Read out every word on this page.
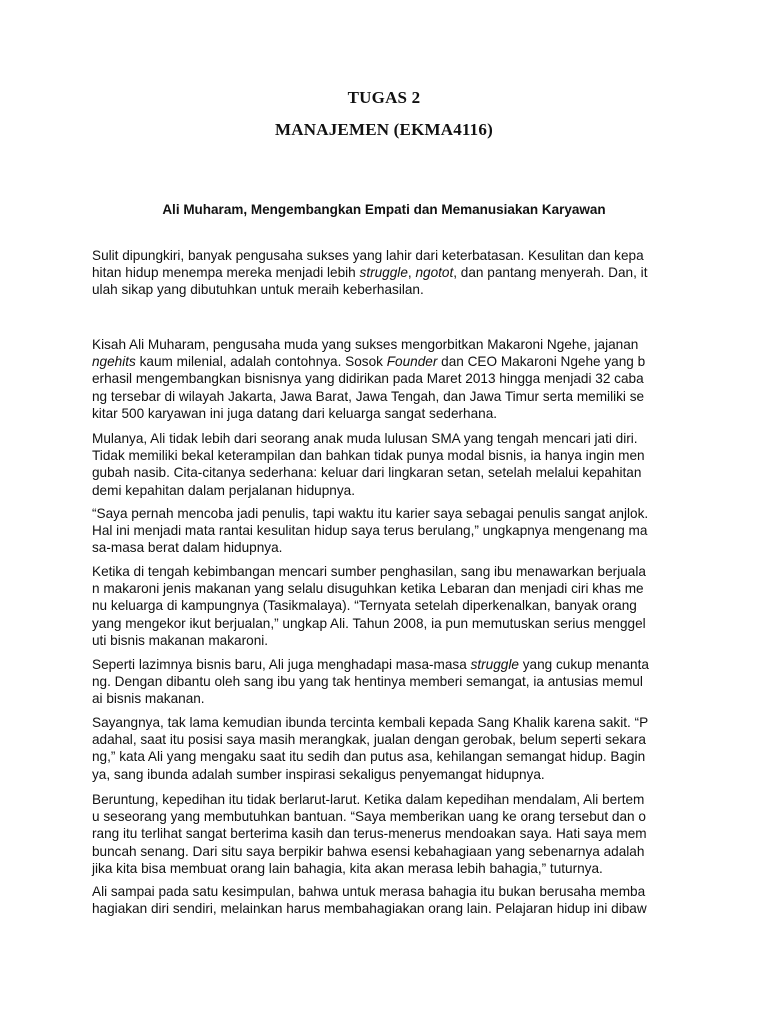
TUGAS 2
MANAJEMEN (EKMA4116)
Ali Muharam, Mengembangkan Empati dan Memanusiakan Karyawan

Sulit dipungkiri, banyak pengusaha sukses yang lahir dari keterbatasan. Kesulitan dan kepa
hitan hidup menempa mereka menjadi lebih struggle, ngotot, dan pantang menyerah. Dan, it
ulah sikap yang dibutuhkan untuk meraih keberhasilan.

Kisah Ali Muharam, pengusaha muda yang sukses mengorbitkan Makaroni Ngehe, jajanan
ngehits kaum milenial, adalah contohnya. Sosok Founder dan CEO Makaroni Ngehe yang b
erhasil mengembangkan bisnisnya yang didirikan pada Maret 2013 hingga menjadi 32 caba
ng tersebar di wilayah Jakarta, Jawa Barat, Jawa Tengah, dan Jawa Timur serta memiliki se
kitar 500 karyawan ini juga datang dari keluarga sangat sederhana.

Mulanya, Ali tidak lebih dari seorang anak muda lulusan SMA yang tengah mencari jati diri.
Tidak memiliki bekal keterampilan dan bahkan tidak punya modal bisnis, ia hanya ingin men
gubah nasib. Cita-citanya sederhana: keluar dari lingkaran setan, setelah melalui kepahitan
demi kepahitan dalam perjalanan hidupnya.

“Saya pernah mencoba jadi penulis, tapi waktu itu karier saya sebagai penulis sangat anjlok.
Hal ini menjadi mata rantai kesulitan hidup saya terus berulang,” ungkapnya mengenang ma
sa-masa berat dalam hidupnya.

Ketika di tengah kebimbangan mencari sumber penghasilan, sang ibu menawarkan berjuala
n makaroni jenis makanan yang selalu disuguhkan ketika Lebaran dan menjadi ciri khas me
nu keluarga di kampungnya (Tasikmalaya). “Ternyata setelah diperkenalkan, banyak orang
yang mengekor ikut berjualan,” ungkap Ali. Tahun 2008, ia pun memutuskan serius menggel
uti bisnis makanan makaroni.

Seperti lazimnya bisnis baru, Ali juga menghadapi masa-masa struggle yang cukup menanta
ng. Dengan dibantu oleh sang ibu yang tak hentinya memberi semangat, ia antusias memul
ai bisnis makanan.

Sayangnya, tak lama kemudian ibunda tercinta kembali kepada Sang Khalik karena sakit. “P
adahal, saat itu posisi saya masih merangkak, jualan dengan gerobak, belum seperti sekara
ng,” kata Ali yang mengaku saat itu sedih dan putus asa, kehilangan semangat hidup. Bagin
ya, sang ibunda adalah sumber inspirasi sekaligus penyemangat hidupnya.

Beruntung, kepedihan itu tidak berlarut-larut. Ketika dalam kepedihan mendalam, Ali bertem
u seseorang yang membutuhkan bantuan. “Saya memberikan uang ke orang tersebut dan o
rang itu terlihat sangat berterima kasih dan terus-menerus mendoakan saya. Hati saya mem
buncah senang. Dari situ saya berpikir bahwa esensi kebahagiaan yang sebenarnya adalah
jika kita bisa membuat orang lain bahagia, kita akan merasa lebih bahagia,” tuturnya.

Ali sampai pada satu kesimpulan, bahwa untuk merasa bahagia itu bukan berusaha memba
hagiakan diri sendiri, melainkan harus membahagiakan orang lain. Pelajaran hidup ini dibaw
